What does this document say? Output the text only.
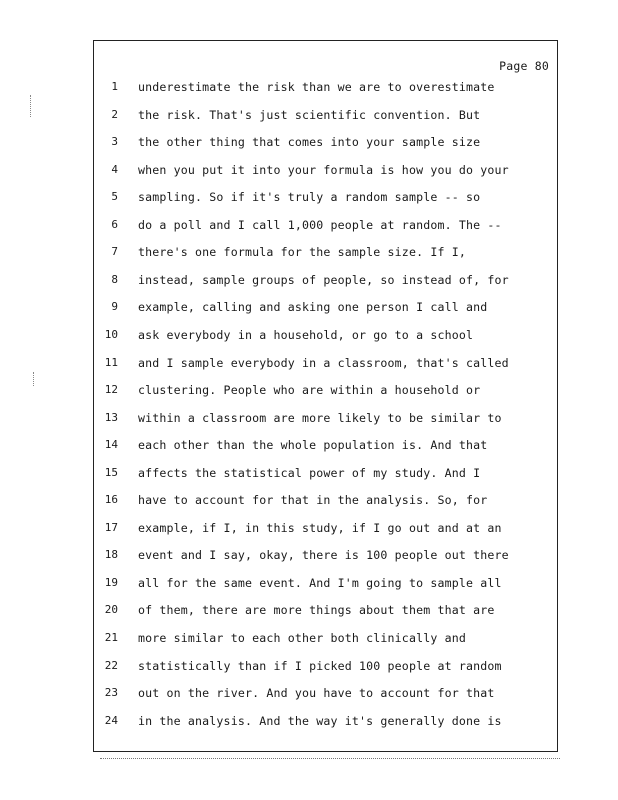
Page 80
1 underestimate the risk than we are to overestimate
2 the risk. That's just scientific convention. But
3 the other thing that comes into your sample size
4 when you put it into your formula is how you do your
5 sampling. So if it's truly a random sample -- so
6 do a poll and I call 1,000 people at random. The --
7 there's one formula for the sample size. If I,
8 instead, sample groups of people, so instead of, for
9 example, calling and asking one person I call and
10 ask everybody in a household, or go to a school
11 and I sample everybody in a classroom, that's called
12 clustering. People who are within a household or
13 within a classroom are more likely to be similar to
14 each other than the whole population is. And that
15 affects the statistical power of my study. And I
16 have to account for that in the analysis. So, for
17 example, if I, in this study, if I go out and at an
18 event and I say, okay, there is 100 people out there
19 all for the same event. And I'm going to sample all
20 of them, there are more things about them that are
21 more similar to each other both clinically and
22 statistically than if I picked 100 people at random
23 out on the river. And you have to account for that
24 in the analysis. And the way it's generally done is
